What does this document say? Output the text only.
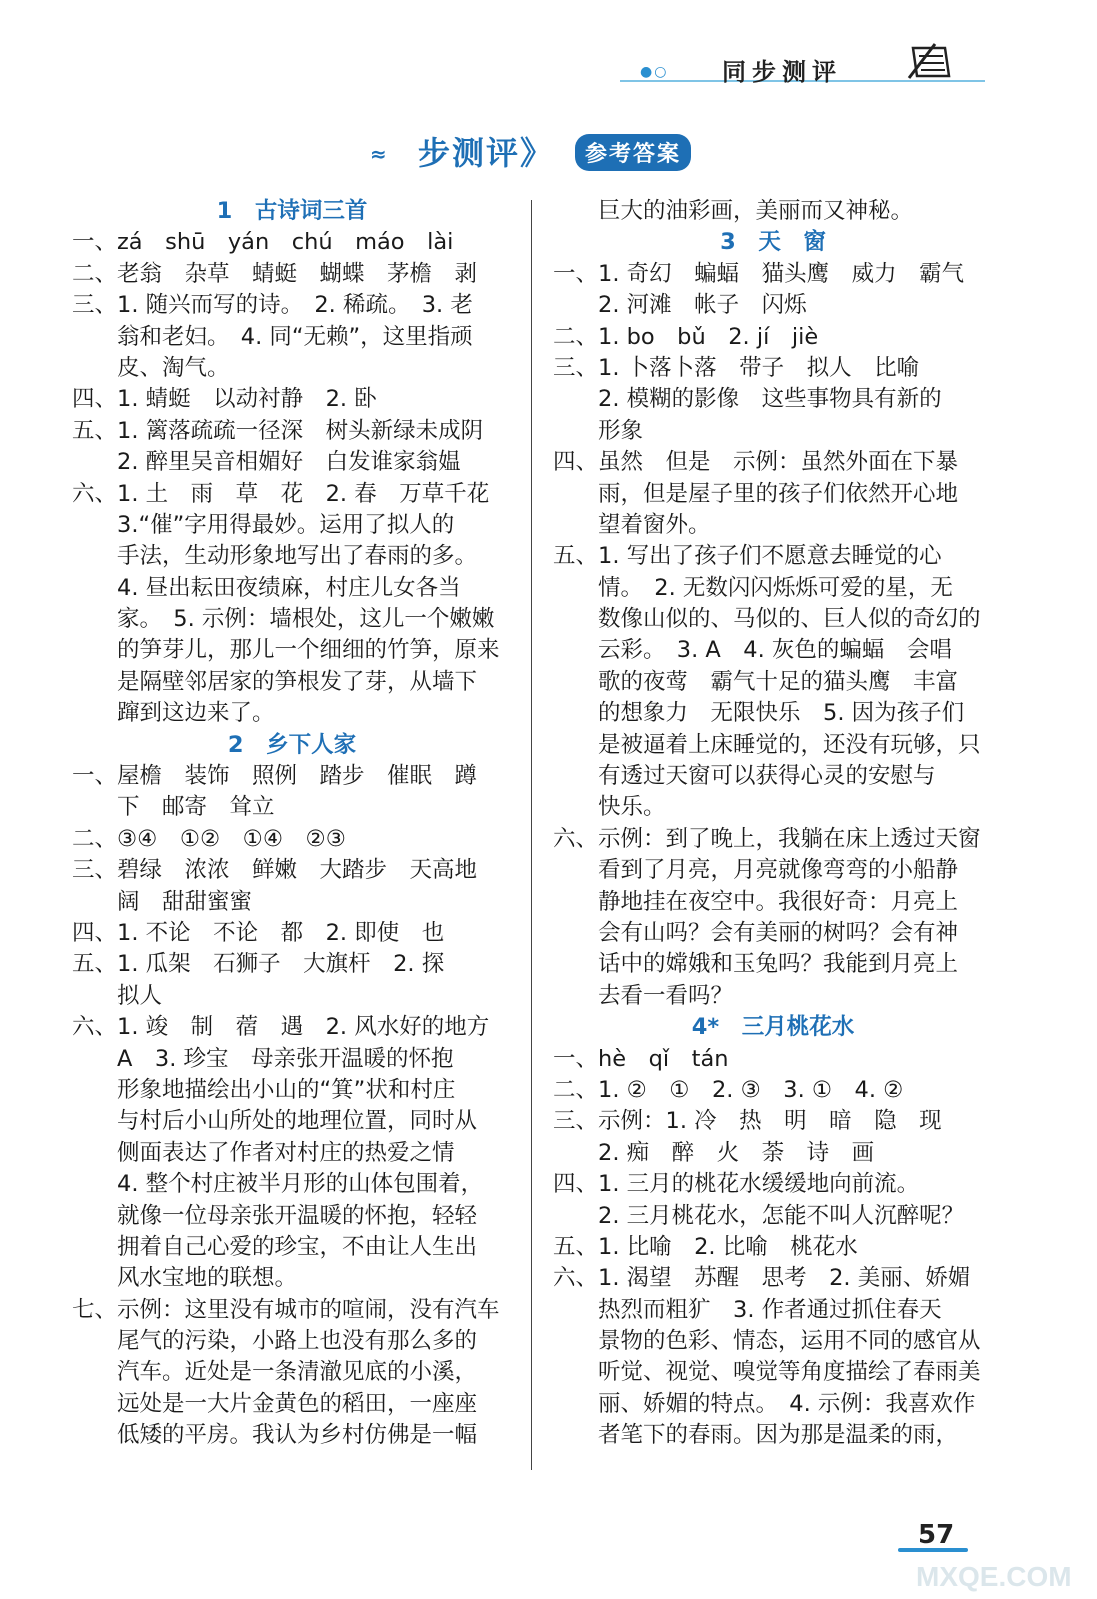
●○ 同步测评
≈ 步测评》	参考答案
1　古诗词三首
一、zá　shū　yán　chú　máo　lài
二、老翁　杂草　蜻蜓　蝴蝶　茅檐　剥
三、1. 随兴而写的诗。　2. 稀疏。　3. 老
　　翁和老妇。　4. 同“无赖”，这里指顽
　　皮、淘气。
四、1. 蜻蜓　以动衬静　2. 卧
五、1. 篱落疏疏一径深　树头新绿未成阴
　　2. 醉里吴音相媚好　白发谁家翁媪
六、1. 土　雨　草　花　2. 春　万草千花
　　3.“催”字用得最妙。运用了拟人的
　　手法，生动形象地写出了春雨的多。
　　4. 昼出耘田夜绩麻，村庄儿女各当
　　家。　5. 示例：墙根处，这儿一个嫩嫩
　　的笋芽儿，那儿一个细细的竹笋，原来
　　是隔壁邻居家的笋根发了芽，从墙下
　　蹿到这边来了。
2　乡下人家
一、屋檐　装饰　照例　踏步　催眠　蹲
　　下　邮寄　耸立
二、③④　①②　①④　②③
三、碧绿　浓浓　鲜嫩　大踏步　天高地
　　阔　甜甜蜜蜜
四、1. 不论　不论　都　2. 即使　也
五、1. 瓜架　石狮子　大旗杆　2. 探
　　拟人
六、1. 竣　制　蓿　遇　2. 风水好的地方
　　A　3. 珍宝　母亲张开温暖的怀抱
　　形象地描绘出小山的“箕”状和村庄
　　与村后小山所处的地理位置，同时从
　　侧面表达了作者对村庄的热爱之情
　　4. 整个村庄被半月形的山体包围着，
　　就像一位母亲张开温暖的怀抱，轻轻
　　拥着自己心爱的珍宝，不由让人生出
　　风水宝地的联想。
七、示例：这里没有城市的喧闹，没有汽车
　　尾气的污染，小路上也没有那么多的
　　汽车。近处是一条清澈见底的小溪，
　　远处是一大片金黄色的稻田，一座座
　　低矮的平房。我认为乡村仿佛是一幅
　　巨大的油彩画，美丽而又神秘。
3　天　窗
一、1. 奇幻　蝙蝠　猫头鹰　威力　霸气
　　2. 河滩　帐子　闪烁
二、1. bo　bǔ　2. jí　jiè
三、1. 卜落卜落　带子　拟人　比喻
　　2. 模糊的影像　这些事物具有新的
　　形象
四、虽然　但是　示例：虽然外面在下暴
　　雨，但是屋子里的孩子们依然开心地
　　望着窗外。
五、1. 写出了孩子们不愿意去睡觉的心
　　情。　2. 无数闪闪烁烁可爱的星，无
　　数像山似的、马似的、巨人似的奇幻的
　　云彩。　3. A　4. 灰色的蝙蝠　会唱
　　歌的夜莺　霸气十足的猫头鹰　丰富
　　的想象力　无限快乐　5. 因为孩子们
　　是被逼着上床睡觉的，还没有玩够，只
　　有透过天窗可以获得心灵的安慰与
　　快乐。
六、示例：到了晚上，我躺在床上透过天窗
　　看到了月亮，月亮就像弯弯的小船静
　　静地挂在夜空中。我很好奇：月亮上
　　会有山吗？会有美丽的树吗？会有神
　　话中的嫦娥和玉兔吗？我能到月亮上
　　去看一看吗？
4*　三月桃花水
一、hè　qǐ　tán
二、1. ②　①　2. ③　3. ①　4. ②
三、示例：1. 冷　热　明　暗　隐　现
　　2. 痴　醉　火　荼　诗　画
四、1. 三月的桃花水缓缓地向前流。
　　2. 三月桃花水，怎能不叫人沉醉呢？
五、1. 比喻　2. 比喻　桃花水
六、1. 渴望　苏醒　思考　2. 美丽、娇媚
　　热烈而粗犷　3. 作者通过抓住春天
　　景物的色彩、情态，运用不同的感官从
　　听觉、视觉、嗅觉等角度描绘了春雨美
　　丽、娇媚的特点。　4. 示例：我喜欢作
　　者笔下的春雨。因为那是温柔的雨，
57
MXQE.COM
